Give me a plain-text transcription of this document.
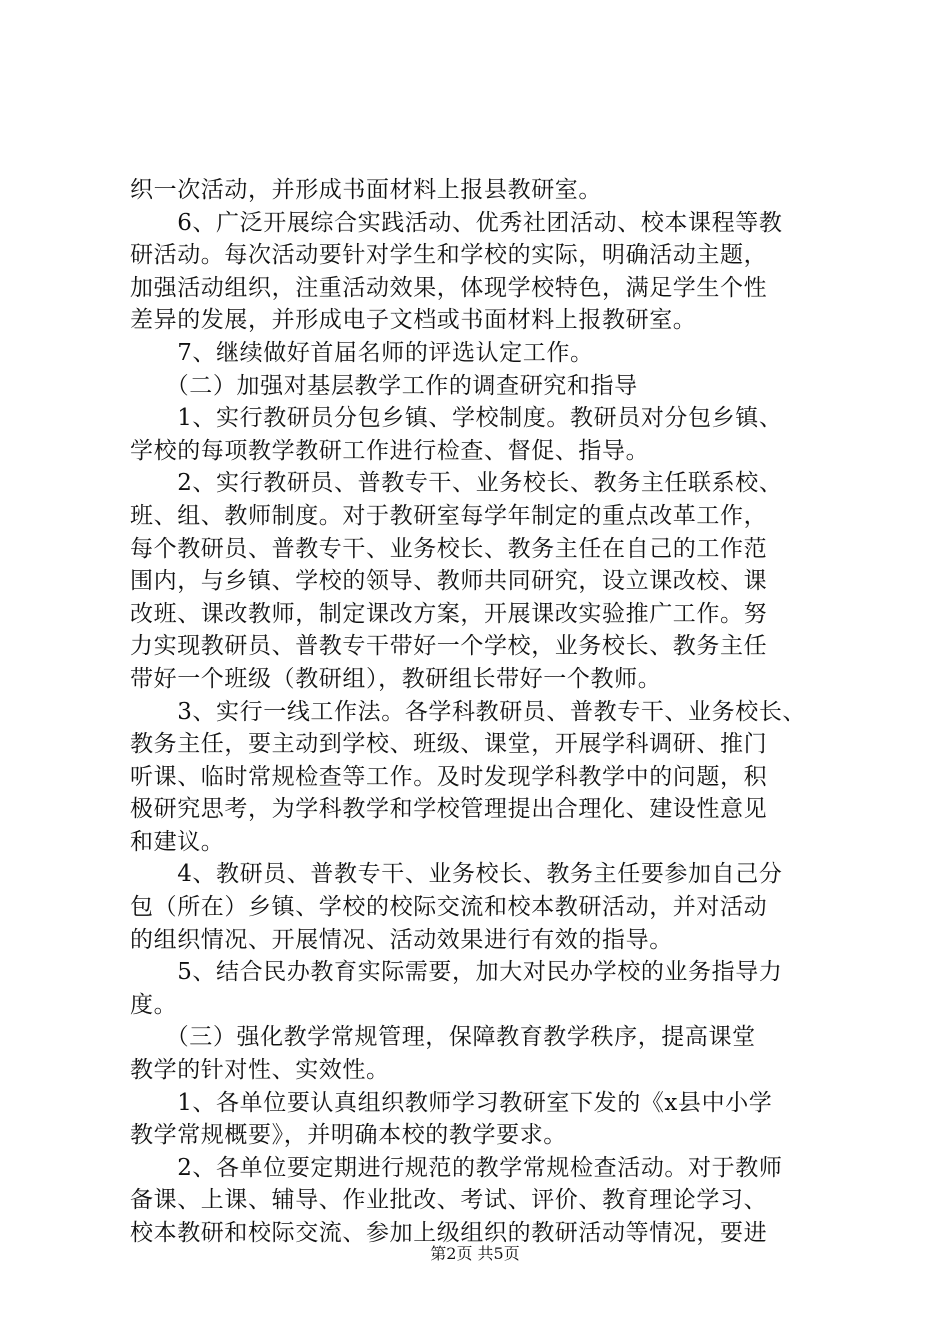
织一次活动，并形成书面材料上报县教研室。
　　6、广泛开展综合实践活动、优秀社团活动、校本课程等教
研活动。每次活动要针对学生和学校的实际，明确活动主题，
加强活动组织，注重活动效果，体现学校特色，满足学生个性
差异的发展，并形成电子文档或书面材料上报教研室。
　　7、继续做好首届名师的评选认定工作。
　　（二）加强对基层教学工作的调查研究和指导
　　1、实行教研员分包乡镇、学校制度。教研员对分包乡镇、
学校的每项教学教研工作进行检查、督促、指导。
　　2、实行教研员、普教专干、业务校长、教务主任联系校、
班、组、教师制度。对于教研室每学年制定的重点改革工作，
每个教研员、普教专干、业务校长、教务主任在自己的工作范
围内，与乡镇、学校的领导、教师共同研究，设立课改校、课
改班、课改教师，制定课改方案，开展课改实验推广工作。努
力实现教研员、普教专干带好一个学校，业务校长、教务主任
带好一个班级（教研组），教研组长带好一个教师。
　　3、实行一线工作法。各学科教研员、普教专干、业务校长、
教务主任，要主动到学校、班级、课堂，开展学科调研、推门
听课、临时常规检查等工作。及时发现学科教学中的问题，积
极研究思考，为学科教学和学校管理提出合理化、建设性意见
和建议。
　　4、教研员、普教专干、业务校长、教务主任要参加自己分
包（所在）乡镇、学校的校际交流和校本教研活动，并对活动
的组织情况、开展情况、活动效果进行有效的指导。
　　5、结合民办教育实际需要，加大对民办学校的业务指导力
度。
　　（三）强化教学常规管理，保障教育教学秩序，提高课堂
教学的针对性、实效性。
　　1、各单位要认真组织教师学习教研室下发的《x县中小学
教学常规概要》，并明确本校的教学要求。
　　2、各单位要定期进行规范的教学常规检查活动。对于教师
备课、上课、辅导、作业批改、考试、评价、教育理论学习、
校本教研和校际交流、参加上级组织的教研活动等情况，要进
第2页 共5页
